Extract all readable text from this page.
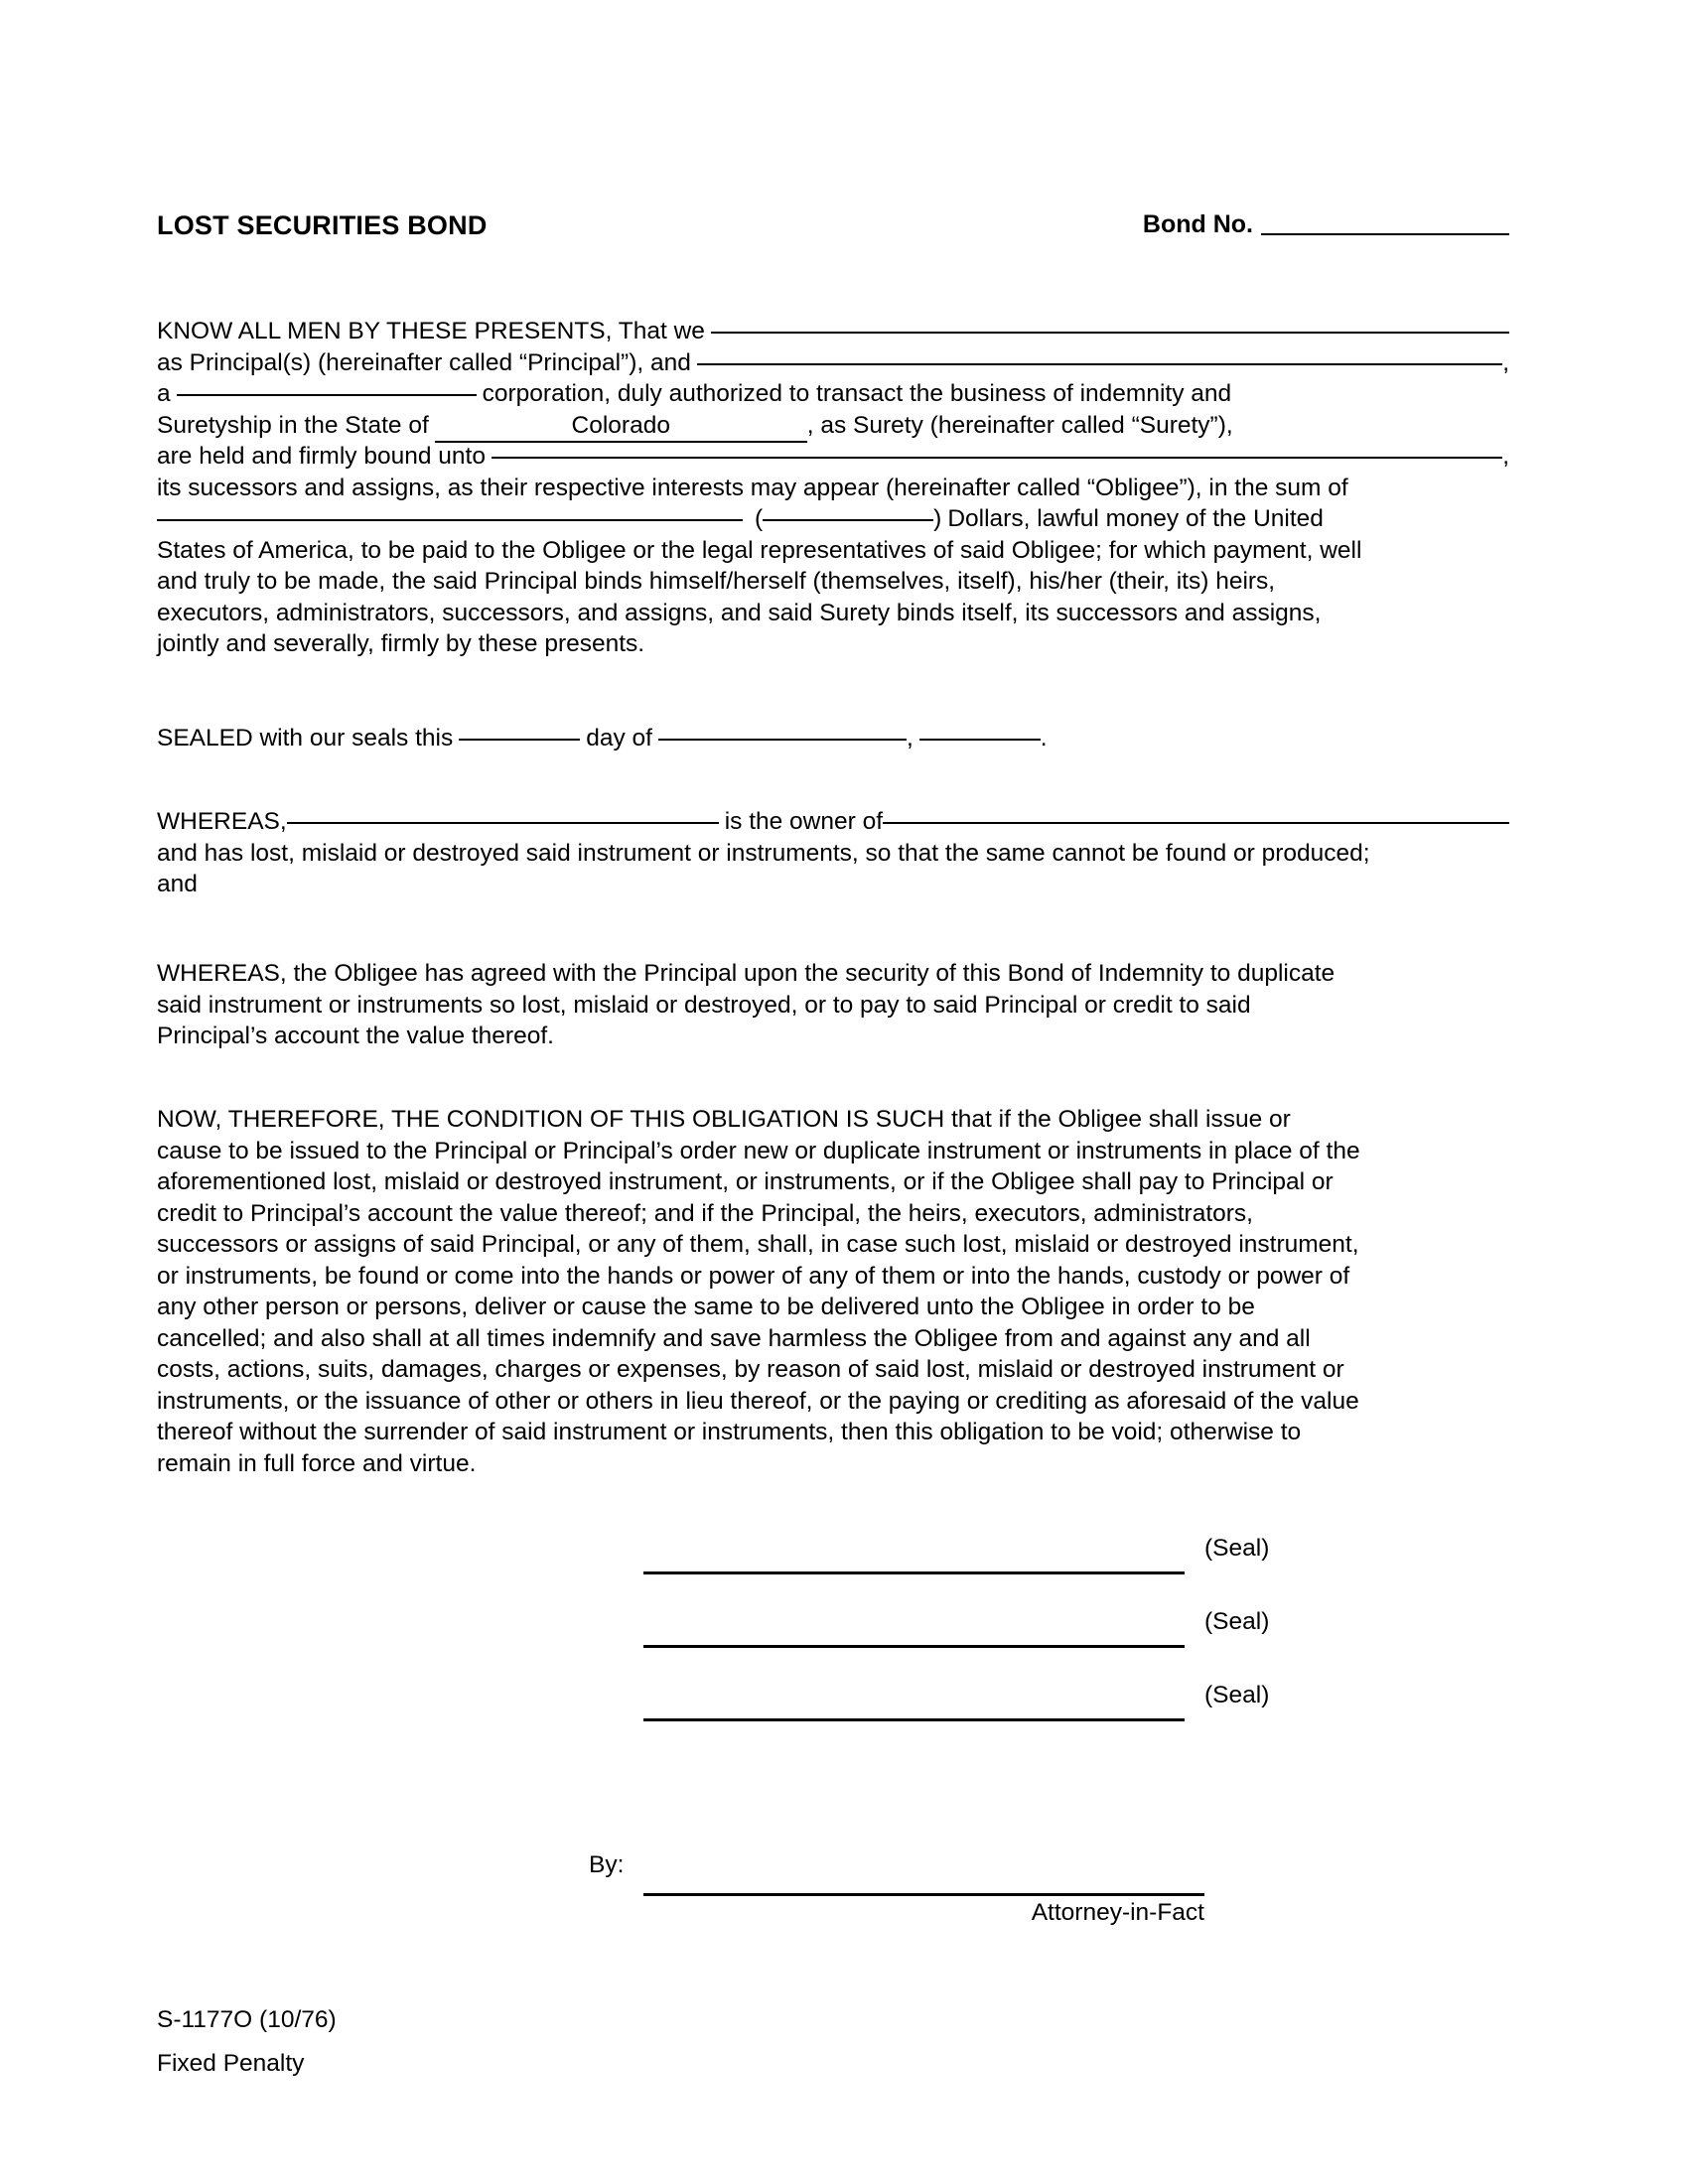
LOST SECURITIES BOND	Bond No.
KNOW ALL MEN BY THESE PRESENTS, That we
as Principal(s) (hereinafter called “Principal”), and	,
a	corporation, duly authorized to transact the business of indemnity and
Suretyship in the State of	Colorado	, as Surety (hereinafter called “Surety”),
are held and firmly bound unto	,
its sucessors and assigns, as their respective interests may appear (hereinafter called “Obligee”), in the sum of
(	) Dollars, lawful money of the United
States of America, to be paid to the Obligee or the legal representatives of said Obligee; for which payment, well
and truly to be made, the said Principal binds himself/herself (themselves, itself), his/her (their, its) heirs,
executors, administrators, successors, and assigns, and said Surety binds itself, its successors and assigns,
jointly and severally, firmly by these presents.
SEALED with our seals this	day of	,	.
WHEREAS,	is the owner of
and has lost, mislaid or destroyed said instrument or instruments, so that the same cannot be found or produced;
and
WHEREAS, the Obligee has agreed with the Principal upon the security of this Bond of Indemnity to duplicate
said instrument or instruments so lost, mislaid or destroyed, or to pay to said Principal or credit to said
Principal’s account the value thereof.
NOW, THEREFORE, THE CONDITION OF THIS OBLIGATION IS SUCH that if the Obligee shall issue or
cause to be issued to the Principal or Principal’s order new or duplicate instrument or instruments in place of the
aforementioned lost, mislaid or destroyed instrument, or instruments, or if the Obligee shall pay to Principal or
credit to Principal’s account the value thereof; and if the Principal, the heirs, executors, administrators,
successors or assigns of said Principal, or any of them, shall, in case such lost, mislaid or destroyed instrument,
or instruments, be found or come into the hands or power of any of them or into the hands, custody or power of
any other person or persons, deliver or cause the same to be delivered unto the Obligee in order to be
cancelled; and also shall at all times indemnify and save harmless the Obligee from and against any and all
costs, actions, suits, damages, charges or expenses, by reason of said lost, mislaid or destroyed instrument or
instruments, or the issuance of other or others in lieu thereof, or the paying or crediting as aforesaid of the value
thereof without the surrender of said instrument or instruments, then this obligation to be void; otherwise to
remain in full force and virtue.
(Seal)
(Seal)
(Seal)
By:
Attorney-in-Fact
S-1177O (10/76)
Fixed Penalty
